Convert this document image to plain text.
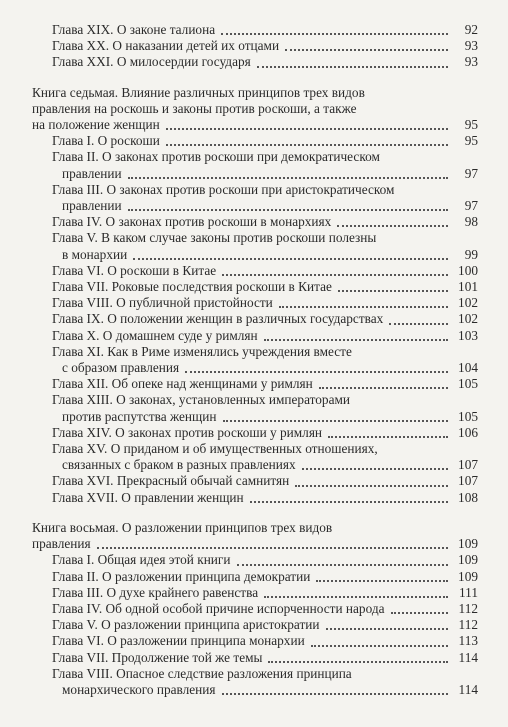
Глава XIX. О законе талиона	92
Глава XX. О наказании детей их отцами	93
Глава XXI. О милосердии государя	93
Книга седьмая. Влияние различных принципов трех видов
правления на роскошь и законы против роскоши, а также
на положение женщин	95
Глава I. О роскоши	95
Глава II. О законах против роскоши при демократическом
правлении	97
Глава III. О законах против роскоши при аристократическом
правлении	97
Глава IV. О законах против роскоши в монархиях	98
Глава V. В каком случае законы против роскоши полезны
в монархии	99
Глава VI. О роскоши в Китае	100
Глава VII. Роковые последствия роскоши в Китае	101
Глава VIII. О публичной пристойности	102
Глава IX. О положении женщин в различных государствах	102
Глава X. О домашнем суде у римлян	103
Глава XI. Как в Риме изменялись учреждения вместе
с образом правления	104
Глава XII. Об опеке над женщинами у римлян	105
Глава XIII. О законах, установленных императорами
против распутства женщин	105
Глава XIV. О законах против роскоши у римлян	106
Глава XV. О приданом и об имущественных отношениях,
связанных с браком в разных правлениях	107
Глава XVI. Прекрасный обычай самнитян	107
Глава XVII. О правлении женщин	108
Книга восьмая. О разложении принципов трех видов
правления	109
Глава I. Общая идея этой книги	109
Глава II. О разложении принципа демократии	109
Глава III. О духе крайнего равенства	111
Глава IV. Об одной особой причине испорченности народа	112
Глава V. О разложении принципа аристократии	112
Глава VI. О разложении принципа монархии	113
Глава VII. Продолжение той же темы	114
Глава VIII. Опасное следствие разложения принципа
монархического правления	114
